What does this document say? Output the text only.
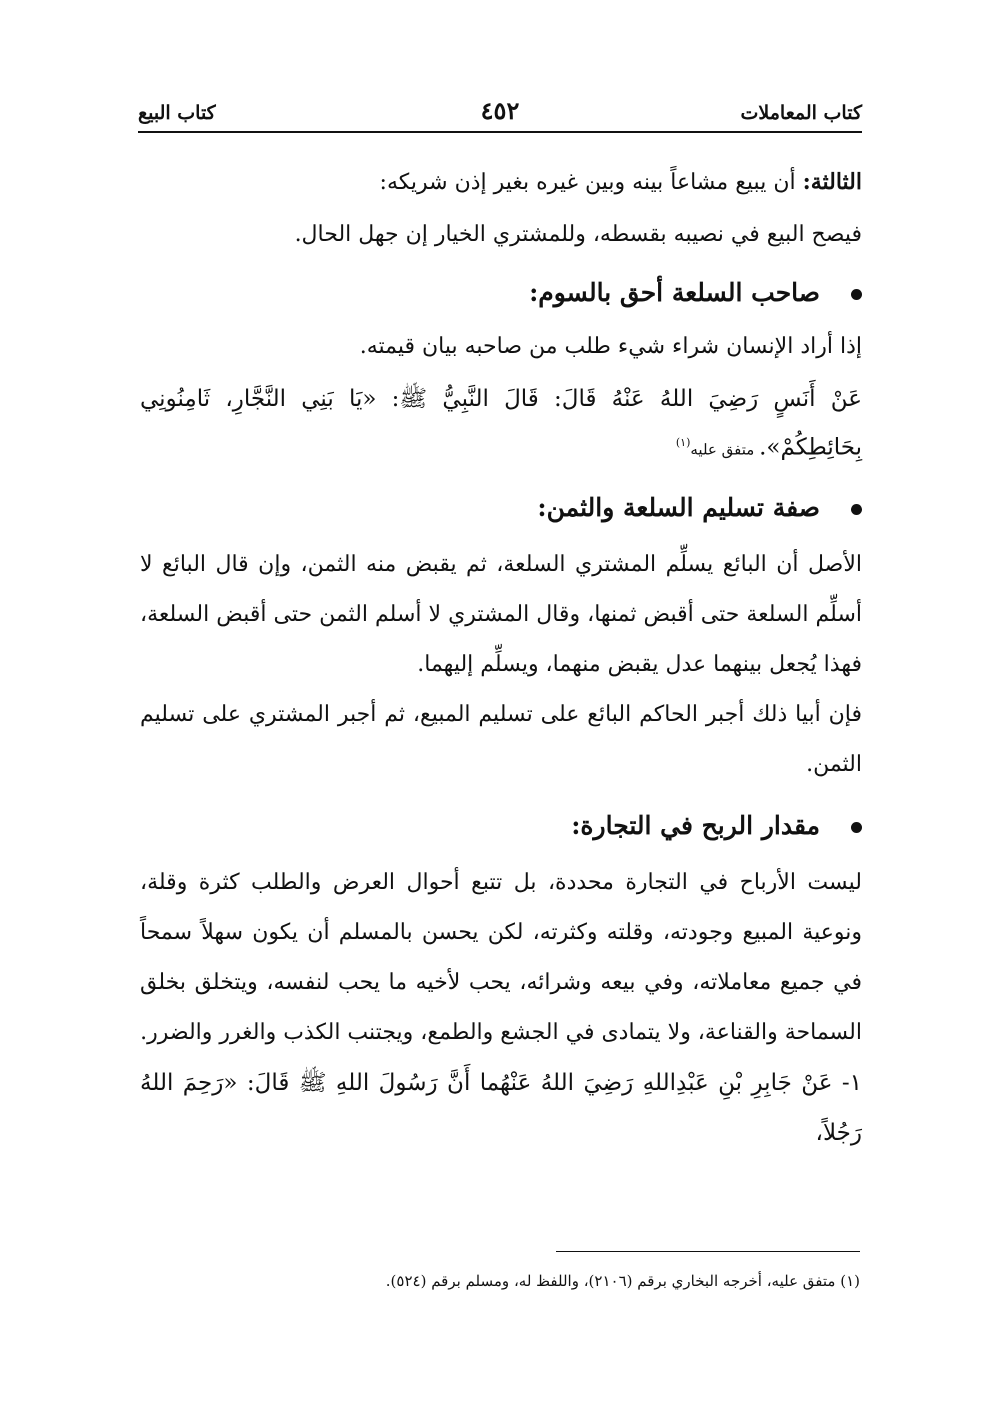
كتاب المعاملات
٤٥٢
كتاب البيع

الثالثة: أن يبيع مشاعاً بينه وبين غيره بغير إذن شريكه:

فيصح البيع في نصيبه بقسطه، وللمشتري الخيار إن جهل الحال.

صاحب السلعة أحق بالسوم:

إذا أراد الإنسان شراء شيء طلب من صاحبه بيان قيمته.

عَنْ أَنَسٍ رَضِيَ اللهُ عَنْهُ قَالَ: قَالَ النَّبِيُّ ﷺ: «يَا بَنِي النَّجَّارِ، ثَامِنُونِي بِحَائِطِكُمْ». متفق عليه$^{(١)}$

صفة تسليم السلعة والثمن:

الأصل أن البائع يسلِّم المشتري السلعة، ثم يقبض منه الثمن، وإن قال البائع لا أسلِّم السلعة حتى أقبض ثمنها، وقال المشتري لا أسلم الثمن حتى أقبض السلعة، فهذا يُجعل بينهما عدل يقبض منهما، ويسلِّم إليهما.

فإن أبيا ذلك أجبر الحاكم البائع على تسليم المبيع، ثم أجبر المشتري على تسليم الثمن.

مقدار الربح في التجارة:

ليست الأرباح في التجارة محددة، بل تتبع أحوال العرض والطلب كثرة وقلة، ونوعية المبيع وجودته، وقلته وكثرته، لكن يحسن بالمسلم أن يكون سهلاً سمحاً في جميع معاملاته، وفي بيعه وشرائه، يحب لأخيه ما يحب لنفسه، ويتخلق بخلق السماحة والقناعة، ولا يتمادى في الجشع والطمع، ويجتنب الكذب والغرر والضرر.

١- عَنْ جَابِرِ بْنِ عَبْدِاللهِ رَضِيَ اللهُ عَنْهُما أَنَّ رَسُولَ اللهِ ﷺ قَالَ: «رَحِمَ اللهُ رَجُلاً،

(١) متفق عليه، أخرجه البخاري برقم (٢١٠٦)، واللفظ له، ومسلم برقم (٥٢٤).
